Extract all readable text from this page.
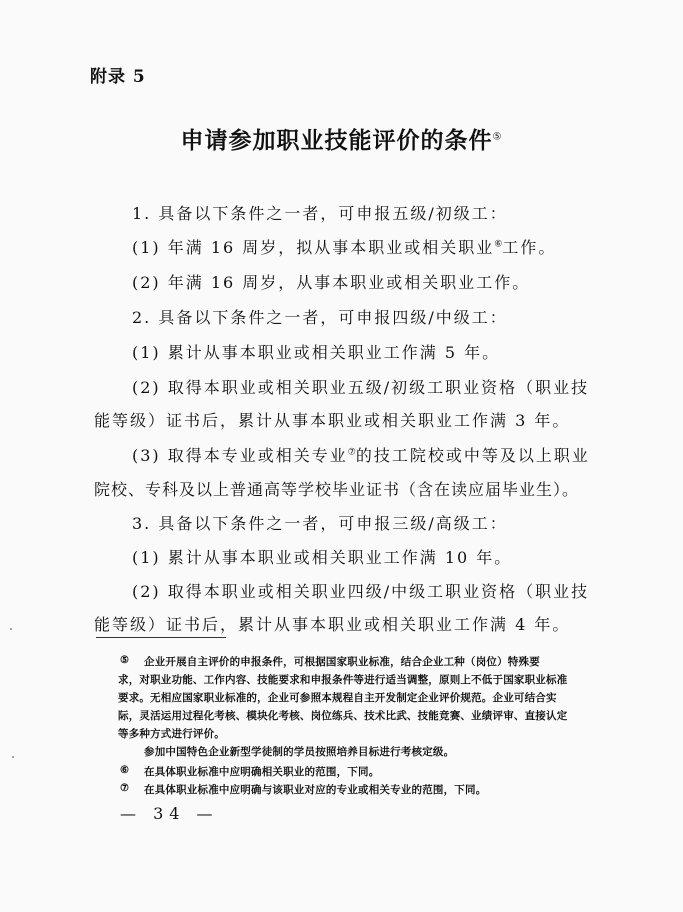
附录 5
申请参加职业技能评价的条件⑤
1. 具备以下条件之一者，可申报五级/初级工：
(1) 年满 16 周岁，拟从事本职业或相关职业⑥工作。
(2) 年满 16 周岁，从事本职业或相关职业工作。
2. 具备以下条件之一者，可申报四级/中级工：
(1) 累计从事本职业或相关职业工作满 5 年。
(2) 取得本职业或相关职业五级/初级工职业资格（职业技
能等级）证书后，累计从事本职业或相关职业工作满 3 年。
(3) 取得本专业或相关专业⑦的技工院校或中等及以上职业
院校、专科及以上普通高等学校毕业证书（含在读应届毕业生）。
3. 具备以下条件之一者，可申报三级/高级工：
(1) 累计从事本职业或相关职业工作满 10 年。
(2) 取得本职业或相关职业四级/中级工职业资格（职业技
能等级）证书后，累计从事本职业或相关职业工作满 4 年。
⑤ 企业开展自主评价的申报条件，可根据国家职业标准，结合企业工种（岗位）特殊要
求，对职业功能、工作内容、技能要求和申报条件等进行适当调整，原则上不低于国家职业标准
要求。无相应国家职业标准的，企业可参照本规程自主开发制定企业评价规范。企业可结合实
际，灵活运用过程化考核、模块化考核、岗位练兵、技术比武、技能竞赛、业绩评审、直接认定
等多种方式进行评价。
参加中国特色企业新型学徒制的学员按照培养目标进行考核定级。
⑥ 在具体职业标准中应明确相关职业的范围，下同。
⑦ 在具体职业标准中应明确与该职业对应的专业或相关专业的范围，下同。
— 34 —
